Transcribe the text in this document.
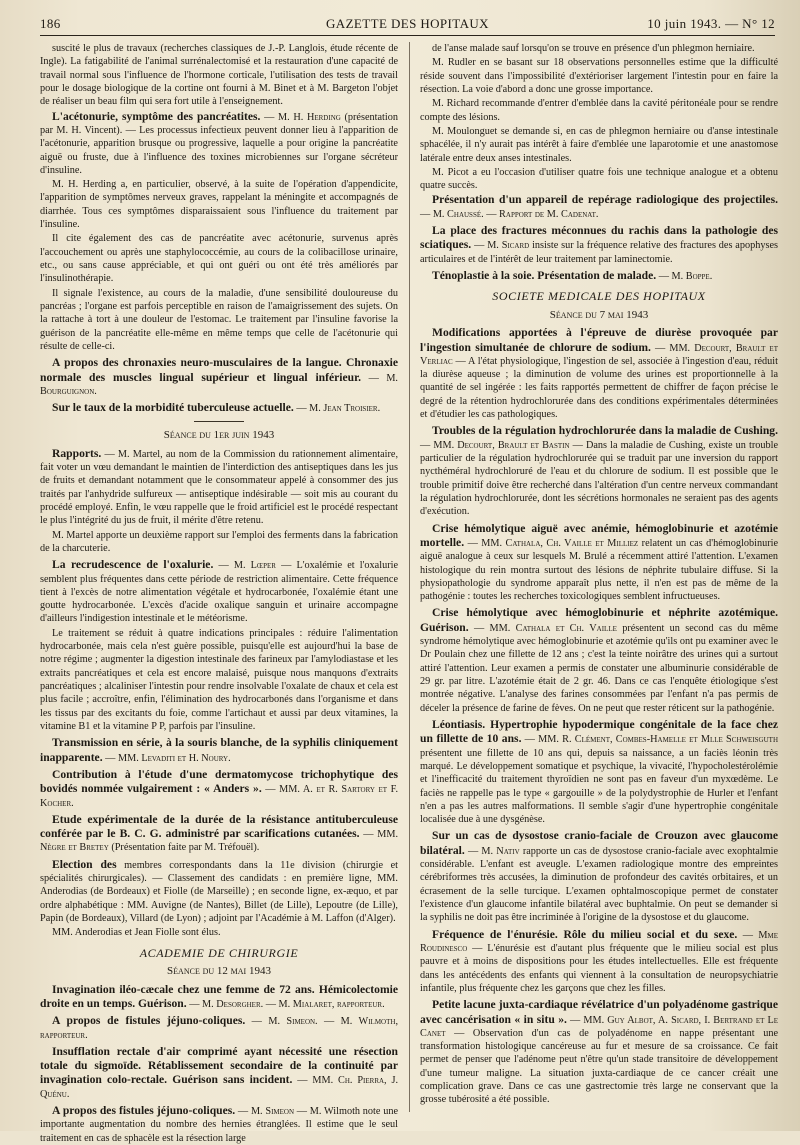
186	GAZETTE DES HOPITAUX	10 juin 1943. — N° 12

suscité le plus de travaux (recherches classiques de J.-P. Langlois, étude récente de Ingle). La fatigabilité de l'animal surrénalectomisé et la restauration d'une capacité de travail normal sous l'influence de l'hormone corticale, l'utilisation des tests de travail pour le dosage biologique de la cortine ont fourni à M. Binet et à M. Bargeton l'objet de réaliser un beau film qui sera fort utile à l'enseignement.

L'acétonurie, symptôme des pancréatites. — M. H. Herding (présentation par M. H. Vincent). — Les processus infectieux peuvent donner lieu à l'apparition de l'acétonurie, apparition brusque ou progressive, laquelle a pour origine la pancréatite aiguë ou fruste, due à l'influence des toxines microbiennes sur l'organe sécréteur d'insuline.

M. H. Herding a, en particulier, observé, à la suite de l'opération d'appendicite, l'apparition de symptômes nerveux graves, rappelant la méningite et accompagnés de diarrhée. Tous ces symptômes disparaissaient sous l'influence du traitement par l'insuline.

Il cite également des cas de pancréatite avec acétonurie, survenus après l'accouchement ou après une staphylococcémie, au cours de la colibacillose urinaire, etc., ou sans cause appréciable, et qui ont guéri ou ont été très améliorés par l'insulinothérapie.

Il signale l'existence, au cours de la maladie, d'une sensibilité douloureuse du pancréas ; l'organe est parfois perceptible en raison de l'amaigrissement des sujets. On la rattache à tort à une douleur de l'estomac. Le traitement par l'insuline favorise la guérison de la pancréatite elle-même en même temps que celle de l'acétonurie qui résulte de celle-ci.

A propos des chronaxies neuro-musculaires de la langue. Chronaxie normale des muscles lingual supérieur et lingual inférieur. — M. Bourguignon.

Sur le taux de la morbidité tuberculeuse actuelle. — M. Jean Troisier.

Séance du 1er juin 1943

Rapports. — M. Martel, au nom de la Commission du rationnement alimentaire, fait voter un vœu demandant le maintien de l'interdiction des antiseptiques dans les jus de fruits et demandant notamment que le consommateur appelé à consommer des jus traités par l'anhydride sulfureux — antiseptique indésirable — soit mis au courant du procédé employé. Enfin, le vœu rappelle que le froid artificiel est le procédé respectant le plus l'intégrité du jus de fruit, il mérite d'être retenu.

M. Martel apporte un deuxième rapport sur l'emploi des ferments dans la fabrication de la charcuterie.

La recrudescence de l'oxalurie. — M. Lœper — L'oxalémie et l'oxalurie semblent plus fréquentes dans cette période de restriction alimentaire. Cette fréquence tient à l'excès de notre alimentation végétale et hydrocarbonée, l'oxalémie étant une goutte hydrocarbonée. L'excès d'acide oxalique sanguin et urinaire accompagne d'ailleurs l'indigestion intestinale et le météorisme.

Le traitement se réduit à quatre indications principales : réduire l'alimentation hydrocarbonée, mais cela n'est guère possible, puisqu'elle est aujourd'hui la base de notre régime ; augmenter la digestion intestinale des farineux par l'amylodiastase et les extraits pancréatiques et cela est encore malaisé, puisque nous manquons d'extraits pancréatiques ; alcaliniser l'intestin pour rendre insolvable l'oxalate de chaux et cela est plus facile ; accroître, enfin, l'élimination des hydrocarbonés dans l'organisme et dans les tissus par des excitants du foie, comme l'artichaut et aussi par deux vitamines, la vitamine B1 et la vitamine P P, parfois par l'insuline.

Transmission en série, à la souris blanche, de la syphilis cliniquement inapparente. — MM. Levaditi et H. Noury.

Contribution à l'étude d'une dermatomycose trichophytique des bovidés nommée vulgairement : « Anders ». — MM. A. et R. Sartory et F. Kocher.

Etude expérimentale de la durée de la résistance antituberculeuse conférée par le B. C. G. administré par scarifications cutanées. — MM. Nègre et Bretey (Présentation faite par M. Tréfouël).

Election des membres correspondants dans la 11e division (chirurgie et spécialités chirurgicales). — Classement des candidats : en première ligne, MM. Anderodias (de Bordeaux) et Fiolle (de Marseille) ; en seconde ligne, ex-æquo, et par ordre alphabétique : MM. Auvigne (de Nantes), Billet (de Lille), Lepoutre (de Lille), Papin (de Bordeaux), Villard (de Lyon) ; adjoint par l'Académie à M. Laffon (d'Alger).

MM. Anderodias et Jean Fiolle sont élus.

ACADEMIE DE CHIRURGIE
Séance du 12 mai 1943

Invagination iléo-cæcale chez une femme de 72 ans. Hémicolectomie droite en un temps. Guérison. — M. Desorgher. — M. Mialaret, rapporteur.

A propos de fistules jéjuno-coliques. — M. Simeon. — M. Wilmoth, rapporteur.

Insufflation rectale d'air comprimé ayant nécessité une résection totale du sigmoïde. Rétablissement secondaire de la continuité par invagination colo-rectale. Guérison sans incident. — MM. Ch. Pierra, J. Quénu.

A propos des fistules jéjuno-coliques. — M. Simeon — M. Wilmoth note une importante augmentation du nombre des hernies étranglées. Il estime que le seul traitement en cas de sphacèle est la résection large

de l'anse malade sauf lorsqu'on se trouve en présence d'un phlegmon herniaire.

M. Rudler en se basant sur 18 observations personnelles estime que la difficulté réside souvent dans l'impossibilité d'extérioriser largement l'intestin pour en faire la résection. La voie d'abord a donc une grosse importance.

M. Richard recommande d'entrer d'emblée dans la cavité péritonéale pour se rendre compte des lésions.

M. Moulonguet se demande si, en cas de phlegmon herniaire ou d'anse intestinale sphacélée, il n'y aurait pas intérêt à faire d'emblée une laparotomie et une anastomose latérale entre deux anses intestinales.

M. Picot a eu l'occasion d'utiliser quatre fois une technique analogue et a obtenu quatre succès.

Présentation d'un appareil de repérage radiologique des projectiles. — M. Chaussé. — Rapport de M. Cadenat.

La place des fractures méconnues du rachis dans la pathologie des sciatiques. — M. Sicard insiste sur la fréquence relative des fractures des apophyses articulaires et de l'intérêt de leur traitement par laminectomie.

Ténoplastie à la soie. Présentation de malade. — M. Boppe.

SOCIETE MEDICALE DES HOPITAUX
Séance du 7 mai 1943

Modifications apportées à l'épreuve de diurèse provoquée par l'ingestion simultanée de chlorure de sodium. — MM. Decourt, Brault et Verliac — A l'état physiologique, l'ingestion de sel, associée à l'ingestion d'eau, réduit la diurèse aqueuse ; la diminution de volume des urines est proportionnelle à la quantité de sel ingérée : les faits rapportés permettent de chiffrer de façon précise le degré de la rétention hydrochlorurée dans des conditions expérimentales déterminées et d'étudier les cas pathologiques.

Troubles de la régulation hydrochlorurée dans la maladie de Cushing. — MM. Decourt, Brault et Bastin — Dans la maladie de Cushing, existe un trouble particulier de la régulation hydrochlorurée qui se traduit par une inversion du rapport nycthéméral hydrochloruré de l'eau et du chlorure de sodium. Il est possible que le trouble primitif doive être recherché dans l'altération d'un centre nerveux commandant la régulation hydrochlorurée, dont les sécrétions hormonales ne seraient pas des agents d'exécution.

Crise hémolytique aiguë avec anémie, hémoglobinurie et azotémie mortelle. — MM. Cathala, Ch. Vaille et Milliez relatent un cas d'hémoglobinurie aiguë analogue à ceux sur lesquels M. Brulé a récemment attiré l'attention. L'examen histologique du rein montra surtout des lésions de néphrite tubulaire diffuse. Si la physiopathologie du syndrome apparaît plus nette, il n'en est pas de même de la pathogénie : toutes les recherches toxicologiques semblent infructueuses.

Crise hémolytique avec hémoglobinurie et néphrite azotémique. Guérison. — MM. Cathala et Ch. Vaille présentent un second cas du même syndrome hémolytique avec hémoglobinurie et azotémie qu'ils ont pu examiner avec le Dr Poulain chez une fillette de 12 ans ; c'est la teinte noirâtre des urines qui a surtout attiré l'attention. Leur examen a permis de constater une albuminurie considérable de 29 gr. par litre. L'azotémie était de 2 gr. 46. Dans ce cas l'enquête étiologique s'est montrée négative. L'analyse des farines consommées par l'enfant n'a pas permis de déceler la présence de farine de fèves. On ne peut que rester réticent sur la pathogénie.

Léontiasis. Hypertrophie hypodermique congénitale de la face chez un fillette de 10 ans. — MM. R. Clément, Combes-Hamelle et Mlle Schweisguth présentent une fillette de 10 ans qui, depuis sa naissance, a un faciès léonin très marqué. Le développement somatique et psychique, la vivacité, l'hypocholestérolémie et l'inefficacité du traitement thyroïdien ne sont pas en faveur d'un myxœdème. Le faciès ne rappelle pas le type « gargouille » de la polydystrophie de Hurler et l'enfant n'en a pas les autres malformations. Il semble s'agir d'une hypertrophie congénitale localisée due à une dysgénèse.

Sur un cas de dysostose cranio-faciale de Crouzon avec glaucome bilatéral. — M. Nativ rapporte un cas de dysostose cranio-faciale avec exophtalmie considérable. L'enfant est aveugle. L'examen radiologique montre des empreintes cérébriformes très accusées, la diminution de profondeur des cavités orbitaires, et un écrasement de la selle turcique. L'examen ophtalmoscopique permet de constater l'existence d'un glaucome infantile bilatéral avec buphtalmie. On peut se demander si la syphilis ne doit pas être incriminée à l'origine de la dysostose et du glaucome.

Fréquence de l'énurésie. Rôle du milieu social et du sexe. — Mme Roudinesco — L'énurésie est d'autant plus fréquente que le milieu social est plus pauvre et à moins de dispositions pour les études intellectuelles. Elle est fréquente dans les antécédents des enfants qui viennent à la consultation de neuropsychiatrie infantile, plus fréquente chez les garçons que chez les filles.

Petite lacune juxta-cardiaque révélatrice d'un polyadénome gastrique avec cancérisation « in situ ». — MM. Guy Albot, A. Sicard, I. Bertrand et Le Canet — Observation d'un cas de polyadénome en nappe présentant une transformation histologique cancéreuse au fur et mesure de sa croissance. Ce fait permet de penser que l'adénome peut n'être qu'un stade transitoire de développement d'une tumeur maligne. La situation juxta-cardiaque de ce cancer créait une complication grave. Dans ce cas une gastrectomie très large ne conservant que la grosse tubérosité a été possible.
